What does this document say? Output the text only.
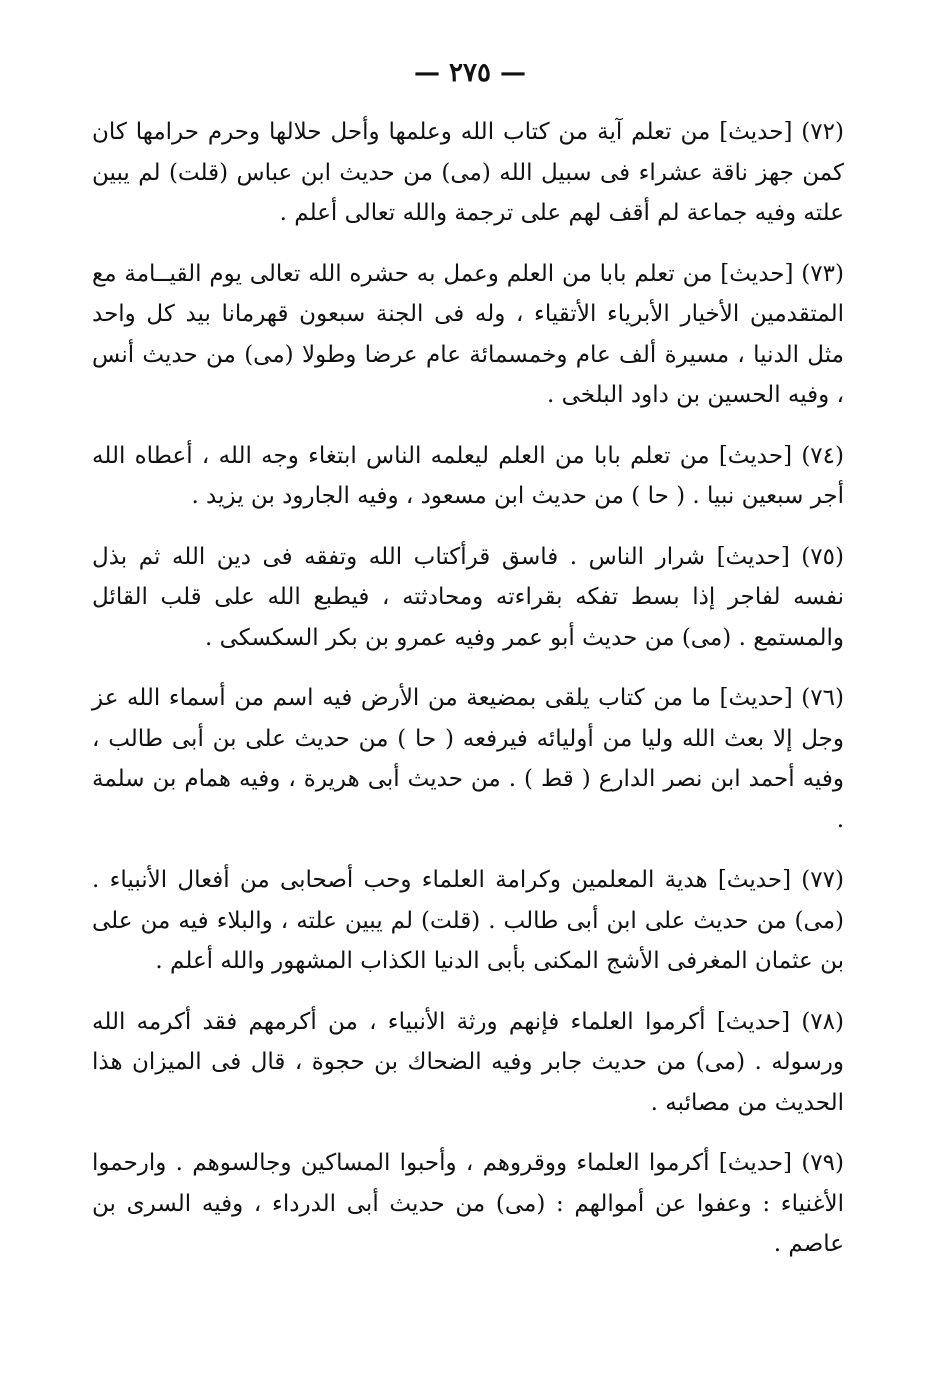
— ٢٧٥ —

(٧٢) [حديث] من تعلم آية من كتاب الله وعلمها وأحل حلالها وحرم حرامها كان كمن جهز ناقة عشراء فى سبيل الله (مى) من حديث ابن عباس (قلت) لم يبين علته وفيه جماعة لم أقف لهم على ترجمة والله تعالى أعلم .

(٧٣) [حديث] من تعلم بابا من العلم وعمل به حشره الله تعالى يوم القيــامة مع المتقدمين الأخيار الأبرياء الأتقياء ، وله فى الجنة سبعون قهرمانا بيد كل واحد مثل الدنيا ، مسيرة ألف عام وخمسمائة عام عرضا وطولا (مى) من حديث أنس ، وفيه الحسين بن داود البلخى .

(٧٤) [حديث] من تعلم بابا من العلم ليعلمه الناس ابتغاء وجه الله ، أعطاه الله أجر سبعين نبيا . ( حا ) من حديث ابن مسعود ، وفيه الجارود بن يزيد .

(٧٥) [حديث] شرار الناس . فاسق قرأكتاب الله وتفقه فى دين الله ثم بذل نفسه لفاجر إذا بسط تفكه بقراءته ومحادثته ، فيطبع الله على قلب القائل والمستمع . (مى) من حديث أبو عمر وفيه عمرو بن بكر السكسكى .

(٧٦) [حديث] ما من كتاب يلقى بمضيعة من الأرض فيه اسم من أسماء الله عز وجل إلا بعث الله وليا من أوليائه فيرفعه ( حا ) من حديث على بن أبى طالب ، وفيه أحمد ابن نصر الدارع ( قط ) . من حديث أبى هريرة ، وفيه همام بن سلمة .

(٧٧) [حديث] هدية المعلمين وكرامة العلماء وحب أصحابى من أفعال الأنبياء . (مى) من حديث على ابن أبى طالب . (قلت) لم يبين علته ، والبلاء فيه من على بن عثمان المغرفى الأشج المكنى بأبى الدنيا الكذاب المشهور والله أعلم .

(٧٨) [حديث] أكرموا العلماء فإنهم ورثة الأنبياء ، من أكرمهم فقد أكرمه الله ورسوله . (مى) من حديث جابر وفيه الضحاك بن حجوة ، قال فى الميزان هذا الحديث من مصائبه .

(٧٩) [حديث] أكرموا العلماء ووقروهم ، وأحبوا المساكين وجالسوهم . وارحموا الأغنياء : وعفوا عن أموالهم : (مى) من حديث أبى الدرداء ، وفيه السرى بن عاصم .
